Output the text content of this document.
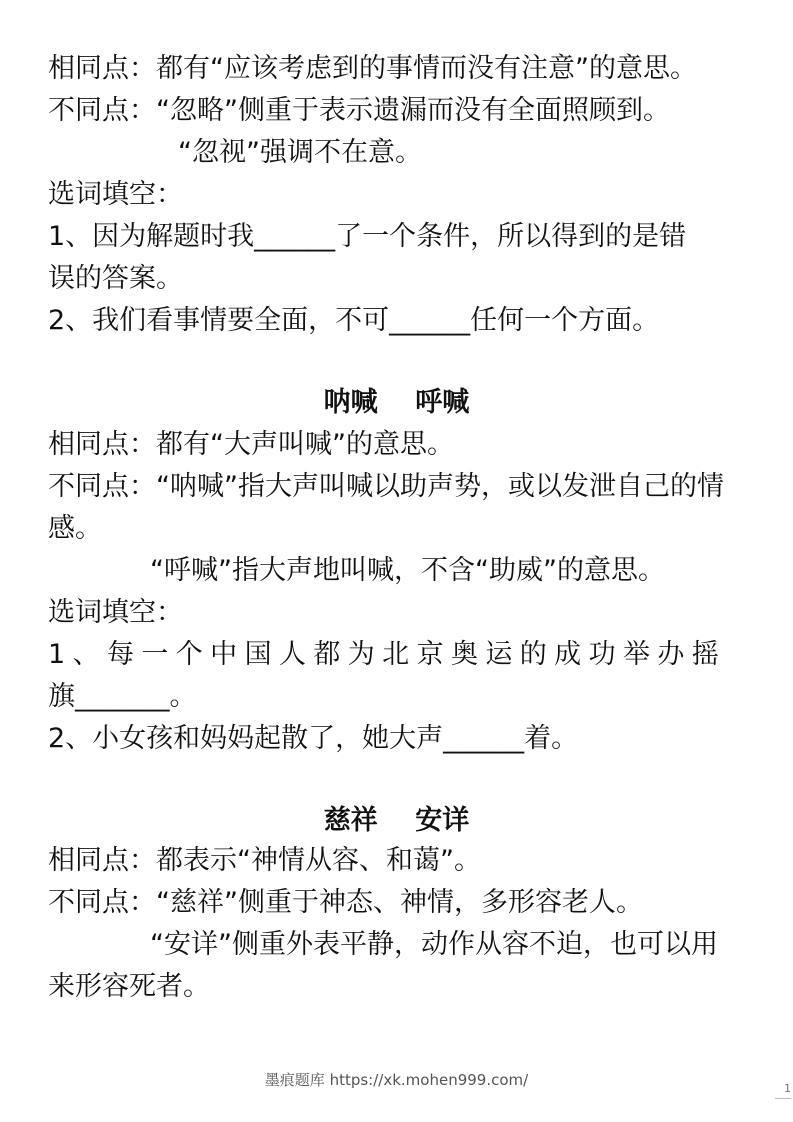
相同点：都有“应该考虑到的事情而没有注意”的意思。
不同点：“忽略”侧重于表示遗漏而没有全面照顾到。
“忽视”强调不在意。
选词填空：
1、因为解题时我______了一个条件，所以得到的是错
误的答案。
2、我们看事情要全面，不可______任何一个方面。
呐喊    呼喊
相同点：都有“大声叫喊”的意思。
不同点：“呐喊”指大声叫喊以助声势，或以发泄自己的情
感。
“呼喊”指大声地叫喊，不含“助威”的意思。
选词填空：
1、每一个中国人都为北京奥运的成功举办摇
旗_______。
2、小女孩和妈妈起散了，她大声______着。
慈祥    安详
相同点：都表示“神情从容、和蔼”。
不同点：“慈祥”侧重于神态、神情，多形容老人。
“安详”侧重外表平静，动作从容不迫，也可以用
来形容死者。
墨痕题库 https://xk.mohen999.com/	1
